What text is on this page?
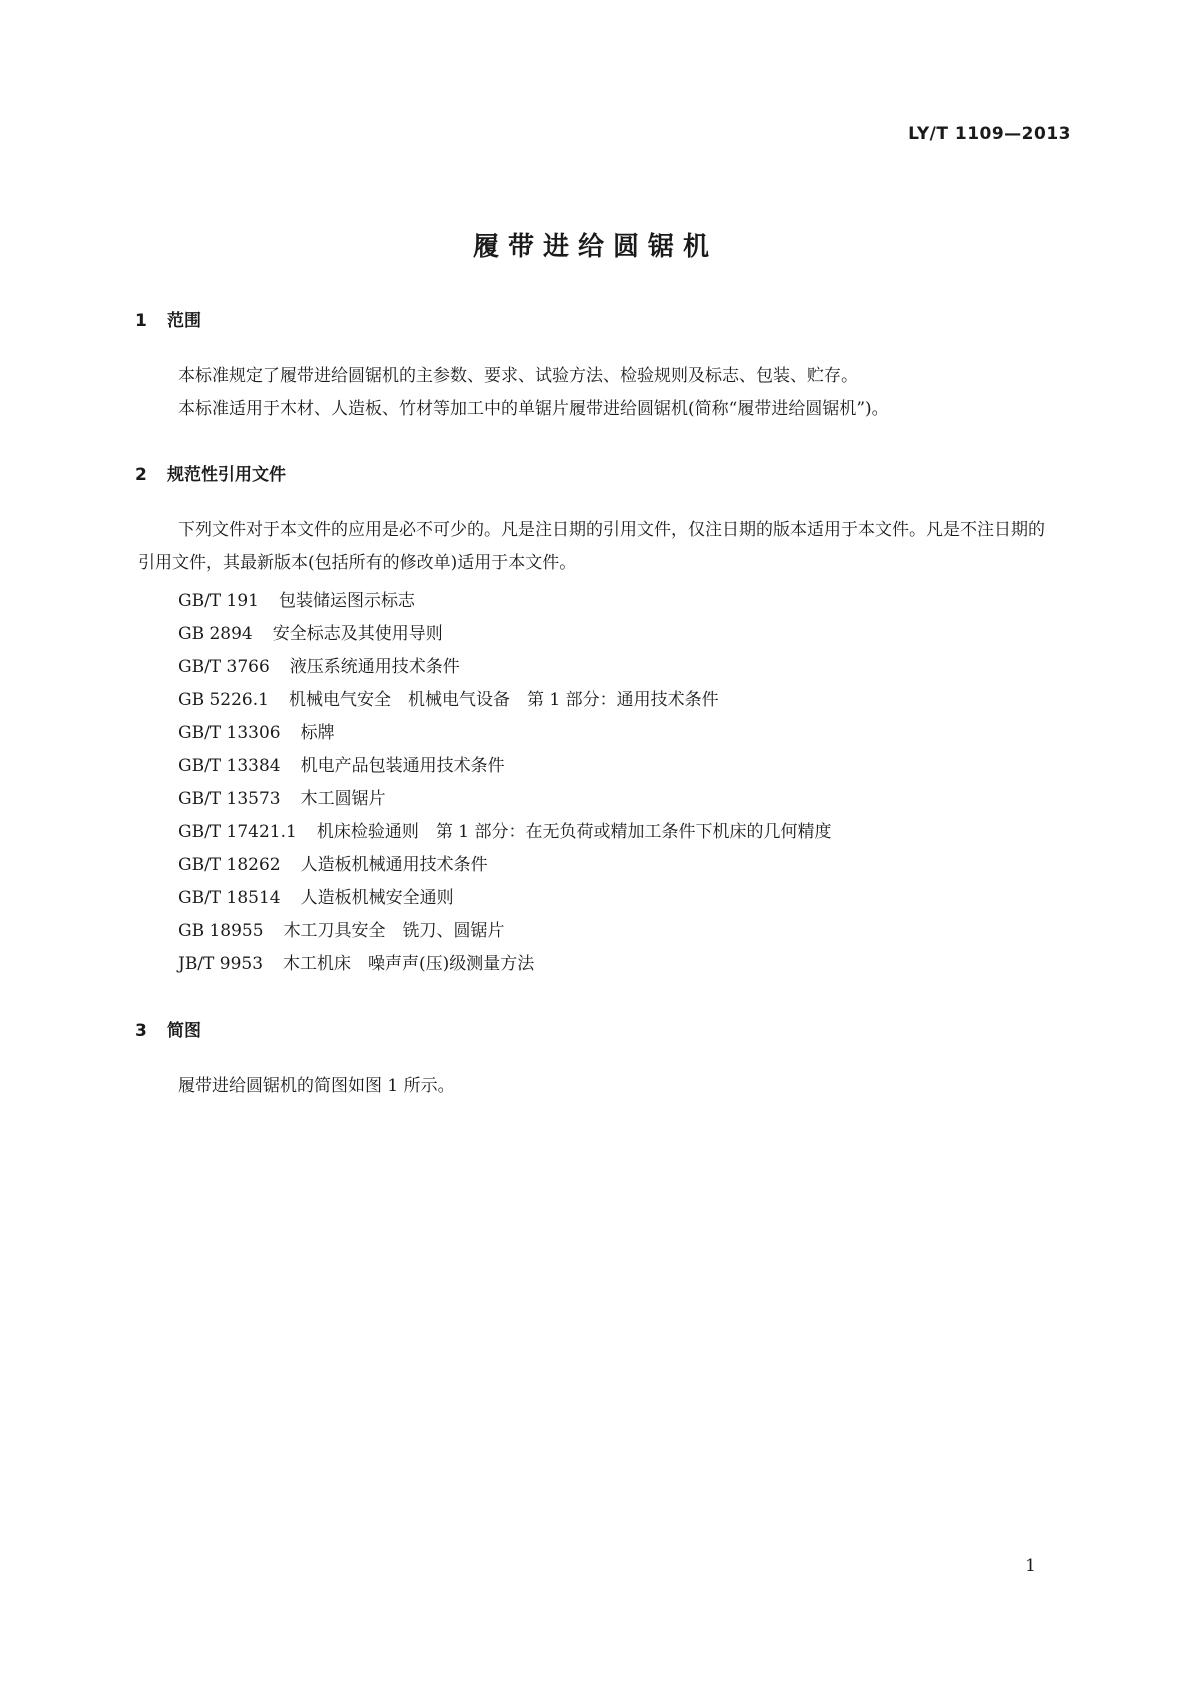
LY/T 1109—2013
履带进给圆锯机
1 范围
本标准规定了履带进给圆锯机的主参数、要求、试验方法、检验规则及标志、包装、贮存。
本标准适用于木材、人造板、竹材等加工中的单锯片履带进给圆锯机(简称“履带进给圆锯机”)。
2 规范性引用文件
下列文件对于本文件的应用是必不可少的。凡是注日期的引用文件，仅注日期的版本适用于本文件。凡是不注日期的引用文件，其最新版本(包括所有的修改单)适用于本文件。
GB/T 191 包装储运图示标志
GB 2894 安全标志及其使用导则
GB/T 3766 液压系统通用技术条件
GB 5226.1 机械电气安全　机械电气设备　第 1 部分：通用技术条件
GB/T 13306 标牌
GB/T 13384 机电产品包装通用技术条件
GB/T 13573 木工圆锯片
GB/T 17421.1 机床检验通则　第 1 部分：在无负荷或精加工条件下机床的几何精度
GB/T 18262 人造板机械通用技术条件
GB/T 18514 人造板机械安全通则
GB 18955 木工刀具安全　铣刀、圆锯片
JB/T 9953 木工机床　噪声声(压)级测量方法
3 简图
履带进给圆锯机的简图如图 1 所示。
1
